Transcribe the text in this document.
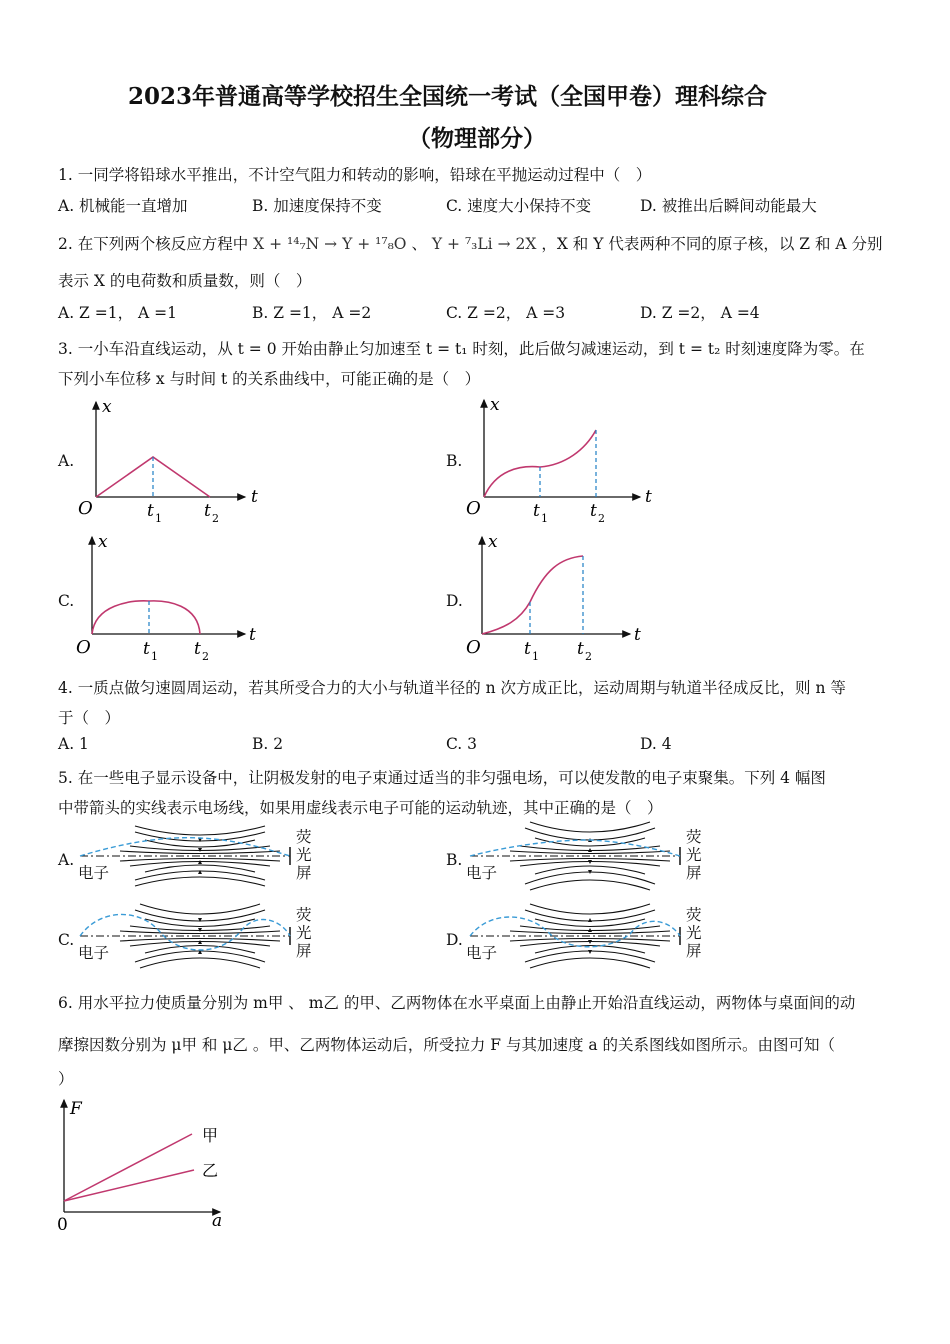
2023年普通高等学校招生全国统一考试（全国甲卷）理科综合
（物理部分）
1. 一同学将铅球水平推出，不计空气阻力和转动的影响，铅球在平抛运动过程中（　）
A. 机械能一直增加	B. 加速度保持不变	C. 速度大小保持不变	D. 被推出后瞬间动能最大
2. 在下列两个核反应方程中 X + ¹⁴₇N → Y + ¹⁷₈O 、 Y + ⁷₃Li → 2X ，X 和 Y 代表两种不同的原子核，以 Z 和 A 分别
表示 X 的电荷数和质量数，则（　）
A. Z =1， A =1	B. Z =1， A =2	C. Z =2， A =3	D. Z =2， A =4
3. 一小车沿直线运动，从 t = 0 开始由静止匀加速至 t = t₁ 时刻，此后做匀减速运动，到 t = t₂ 时刻速度降为零。在
下列小车位移 x 与时间 t 的关系曲线中，可能正确的是（　）
A.	B.
C.	D.
x
t
O	t 1 t 2
x
t
O	t 1 t 2
x
t
O	t 1 t 2
x
t
O	t 1 t 2
4. 一质点做匀速圆周运动，若其所受合力的大小与轨道半径的 n 次方成正比，运动周期与轨道半径成反比，则 n 等
于（　）
A. 1	B. 2	C. 3	D. 4
5. 在一些电子显示设备中，让阴极发射的电子束通过适当的非匀强电场，可以使发散的电子束聚集。下列 4 幅图
中带箭头的实线表示电场线，如果用虚线表示电子可能的运动轨迹，其中正确的是（　）
A.	B.
C.	D.
电子	电子
电子	电子
荧
光
屏
荧
光
屏
荧
光
屏
荧
光
屏
6. 用水平拉力使质量分别为 m甲 、 m乙 的甲、乙两物体在水平桌面上由静止开始沿直线运动，两物体与桌面间的动
摩擦因数分别为 μ甲 和 μ乙 。甲、乙两物体运动后，所受拉力 F 与其加速度 a 的关系图线如图所示。由图可知（
）
F
a
0
甲
乙
